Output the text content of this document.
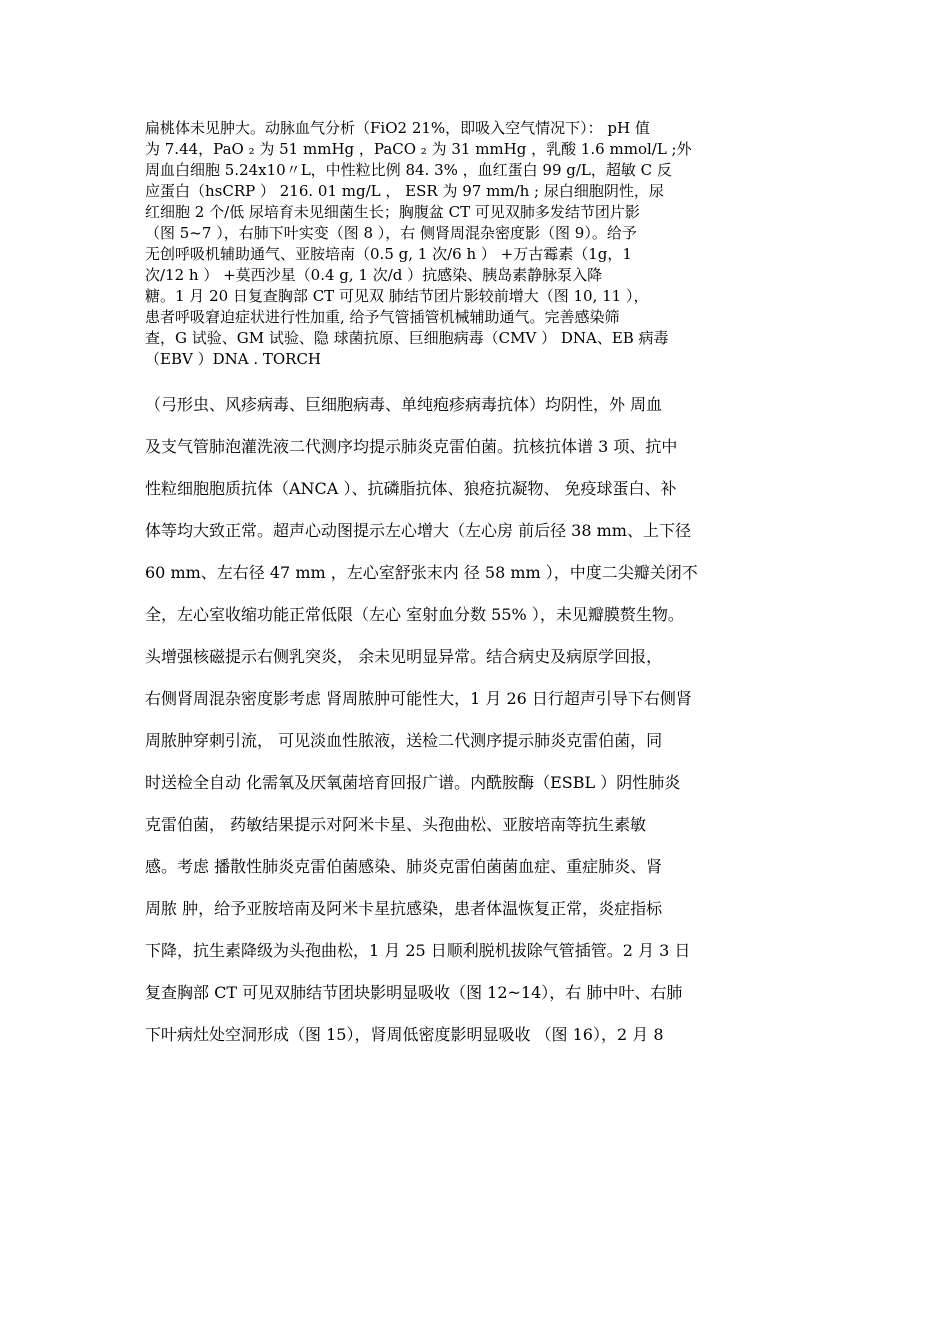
扁桃体未见肿大。动脉血气分析（FiO2 21%，即吸入空气情况下）： pH 值

为 7.44，PaO ₂ 为 51 mmHg ，PaCO ₂ 为 31 mmHg ，乳酸 1.6 mmol/L ;外

周血白细胞 5.24x10〃L，中性粒比例 84. 3% ，血红蛋白 99 g/L，超敏 C 反

应蛋白（hsCRP ） 216. 01 mg/L ， ESR 为 97 mm/h ; 尿白细胞阴性，尿

红细胞 2 个/低 尿培育未见细菌生长；胸腹盆 CT 可见双肺多发结节团片影

（图 5~7 ），右肺下叶实变（图 8 ），右 侧肾周混杂密度影（图 9）。给予

无创呼吸机辅助通气、亚胺培南（0.5 g, 1 次/6 h ） +万古霉素（1g，1

次/12 h ） +莫西沙星（0.4 g, 1 次/d ）抗感染、胰岛素静脉泵入降

糖。1 月 20 日复查胸部 CT 可见双 肺结节团片影较前增大（图 10, 11 ），

患者呼吸窘迫症状进行性加重, 给予气管插管机械辅助通气。完善感染筛

查，G 试验、GM 试验、隐 球菌抗原、巨细胞病毒（CMV ） DNA、EB 病毒

（EBV ）DNA . TORCH

（弓形虫、风疹病毒、巨细胞病毒、单纯疱疹病毒抗体）均阴性，外 周血

及支气管肺泡灌洗液二代测序均提示肺炎克雷伯菌。抗核抗体谱 3 项、抗中

性粒细胞胞质抗体（ANCA ）、抗磷脂抗体、狼疮抗凝物、 免疫球蛋白、补

体等均大致正常。超声心动图提示左心增大（左心房 前后径 38 mm、上下径

60 mm、左右径 47 mm ，左心室舒张末内 径 58 mm ），中度二尖瓣关闭不

全，左心室收缩功能正常低限（左心 室射血分数 55% ），未见瓣膜赘生物。

头增强核磁提示右侧乳突炎， 余未见明显异常。结合病史及病原学回报，

右侧肾周混杂密度影考虑 肾周脓肿可能性大，1 月 26 日行超声引导下右侧肾

周脓肿穿刺引流， 可见淡血性脓液，送检二代测序提示肺炎克雷伯菌，同

时送检全自动 化需氧及厌氧菌培育回报广谱。内酰胺酶（ESBL ）阴性肺炎

克雷伯菌， 药敏结果提示对阿米卡星、头孢曲松、亚胺培南等抗生素敏

感。考虑 播散性肺炎克雷伯菌感染、肺炎克雷伯菌菌血症、重症肺炎、肾

周脓 肿，给予亚胺培南及阿米卡星抗感染，患者体温恢复正常，炎症指标

下降，抗生素降级为头孢曲松，1 月 25 日顺利脱机拔除气管插管。2 月 3 日

复查胸部 CT 可见双肺结节团块影明显吸收（图 12~14），右 肺中叶、右肺

下叶病灶处空洞形成（图 15），肾周低密度影明显吸收 （图 16），2 月 8
